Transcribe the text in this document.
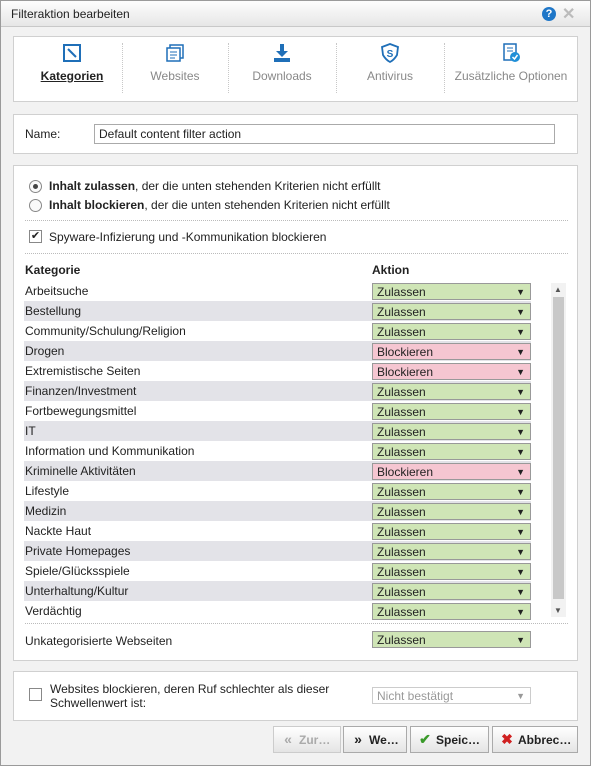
Filteraktion bearbeiten	? ✕
Kategorien	Websites	Downloads
S
Antivirus	Zusätzliche Optionen
Name:
Default content filter action
Inhalt zulassen, der die unten stehenden Kriterien nicht erfüllt
Inhalt blockieren, der die unten stehenden Kriterien nicht erfüllt
✔ Spyware-Infizierung und -Kommunikation blockieren
Kategorie	Aktion
Arbeitsuche	Zulassen	▼
Bestellung	Zulassen	▼
Community/Schulung/Religion	Zulassen	▼
Drogen	Blockieren	▼
Extremistische Seiten	Blockieren	▼
Finanzen/Investment	Zulassen	▼
Fortbewegungsmittel	Zulassen	▼
IT	Zulassen	▼
Information und Kommunikation	Zulassen	▼
Kriminelle Aktivitäten	Blockieren	▼
Lifestyle	Zulassen	▼
Medizin	Zulassen	▼
Nackte Haut	Zulassen	▼
Private Homepages	Zulassen	▼
Spiele/Glücksspiele	Zulassen	▼
Unterhaltung/Kultur	Zulassen	▼
Verdächtig	Zulassen	▼
▲
▼
Unkategorisierte Webseiten	Zulassen	▼
Websites blockieren, deren Ruf schlechter als dieser Schwellenwert ist:	Nicht bestätigt	▼
« Zur…	» We…	✔ Speic…	✖ Abbrec…
